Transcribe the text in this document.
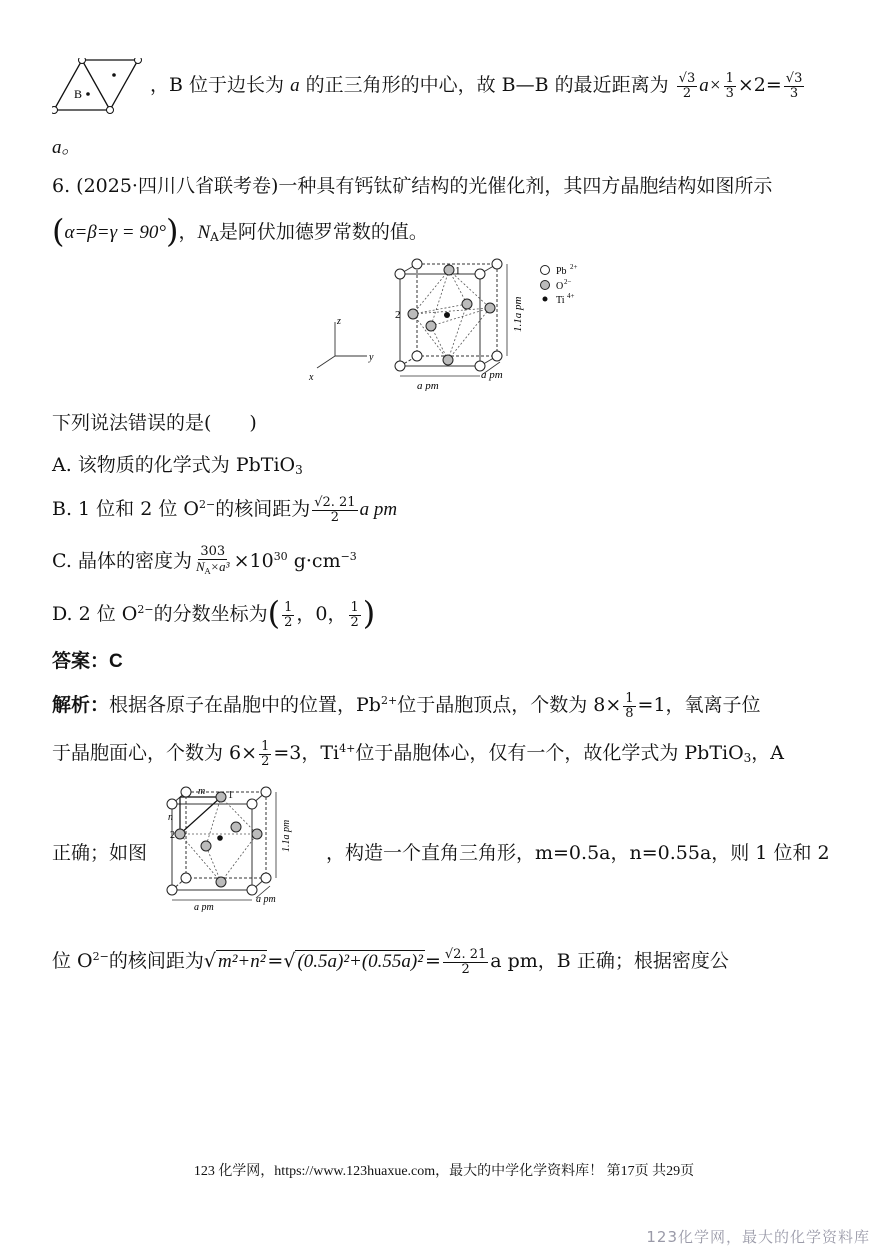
B	，B 位于边长为 a 的正三角形的中心，故 B—B 的最近距离为 $\frac{√3}{2} a\times \frac{1}{3} \times 2= \frac{√3}{3}$
a。
6. (2025·四川八省联考卷)一种具有钙钛矿结构的光催化剂，其四方晶胞结构如图所示
(α=β=γ = 90°)，$N_A$是阿伏加德罗常数的值。
1
2	1.1a pm
a pm
a pm
z
y
x
Pb 2+
O 2−
Ti 4+
下列说法错误的是(　　)
A. 该物质的化学式为 PbTiO$_3$
B. 1 位和 2 位 $O^{2-}$的核间距为 $\frac{√2. 21}{2}$ a pm
C. 晶体的密度为 $\frac{303}{N_A\times a^3} \times 10^{30}$ $g\cdot cm^{-3}$
D. 2 位 $O^{2-}$的分数坐标为( $\frac{1}{2}$ ，0， $\frac{1}{2}$ )
答案：C
解析：根据各原子在晶胞中的位置，$Pb^{2+}$位于晶胞顶点，个数为 $8\times \frac{1}{8} =1$，氧离子位
于晶胞面心，个数为 $6\times \frac{1}{2} =3$，$Ti^{4+}$位于晶胞体心，仅有一个，故化学式为 PbTiO$_3$，A
正确；如图
m
n
1
2	1.1a pm
a pm
a pm
，构造一个直角三角形，m=0.5a，n=0.55a，则 1 位和 2
位 $O^{2-}$的核间距为√ m²+n² =√ $(0.5a)^2+(0.55a)^2 = \frac{√2. 21}{2}$ a pm，B 正确；根据密度公
123 化学网，https://www.123huaxue.com，最大的中学化学资料库！ 第17页 共29页
123化学网，最大的化学资料库
